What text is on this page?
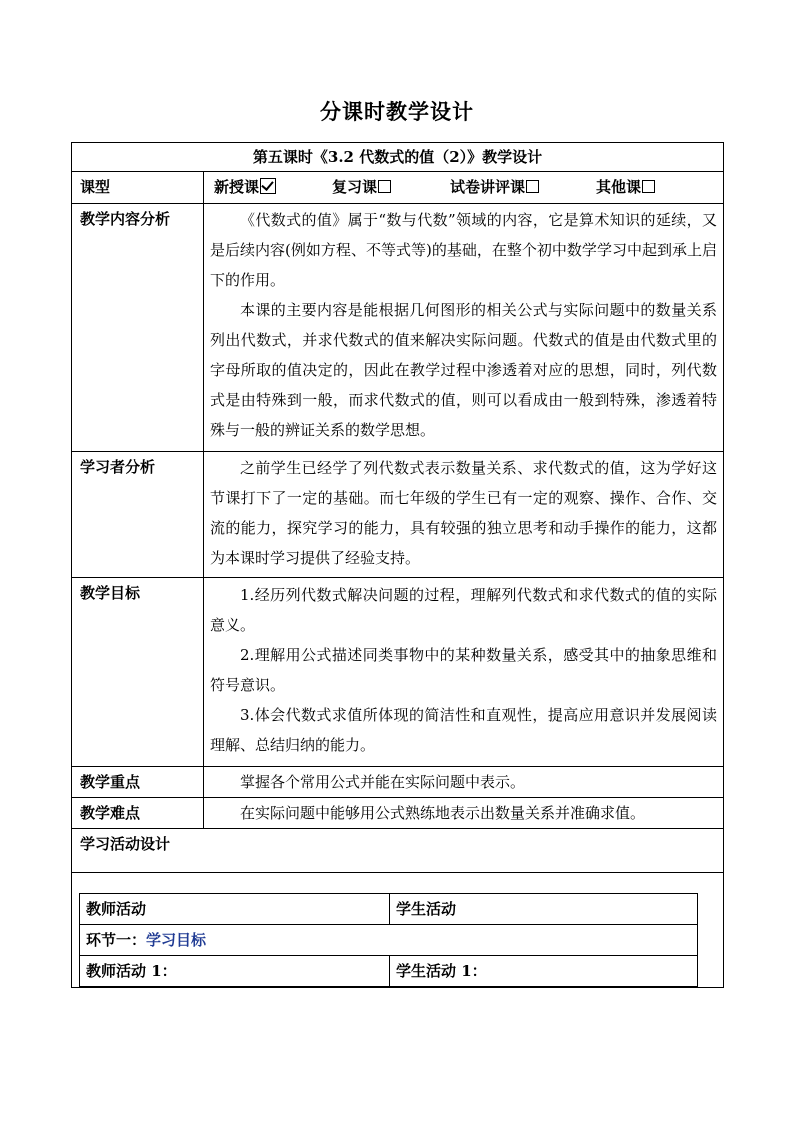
分课时教学设计
第五课时《3.2 代数式的值（2）》教学设计
课型	新授课	复习课	试卷讲评课	其他课

教学内容分析	《代数式的值》属于“数与代数”领域的内容，它是算术知识的延续，又是后续内容(例如方程、不等式等)的基础，在整个初中数学学习中起到承上启下的作用。

本课的主要内容是能根据几何图形的相关公式与实际问题中的数量关系列出代数式，并求代数式的值来解决实际问题。代数式的值是由代数式里的字母所取的值决定的，因此在教学过程中渗透着对应的思想，同时，列代数式是由特殊到一般，而求代数式的值，则可以看成由一般到特殊，渗透着特殊与一般的辨证关系的数学思想。

学习者分析	之前学生已经学了列代数式表示数量关系、求代数式的值，这为学好这节课打下了一定的基础。而七年级的学生已有一定的观察、操作、合作、交流的能力，探究学习的能力，具有较强的独立思考和动手操作的能力，这都为本课时学习提供了经验支持。

教学目标	1.经历列代数式解决问题的过程，理解列代数式和求代数式的值的实际意义。

2.理解用公式描述同类事物中的某种数量关系，感受其中的抽象思维和符号意识。

3.体会代数式求值所体现的简洁性和直观性，提高应用意识并发展阅读理解、总结归纳的能力。

教学重点	掌握各个常用公式并能在实际问题中表示。

教学难点	在实际问题中能够用公式熟练地表示出数量关系并准确求值。

学习活动设计

教师活动	学生活动
环节一：学习目标
教师活动 1：	学生活动 1：
